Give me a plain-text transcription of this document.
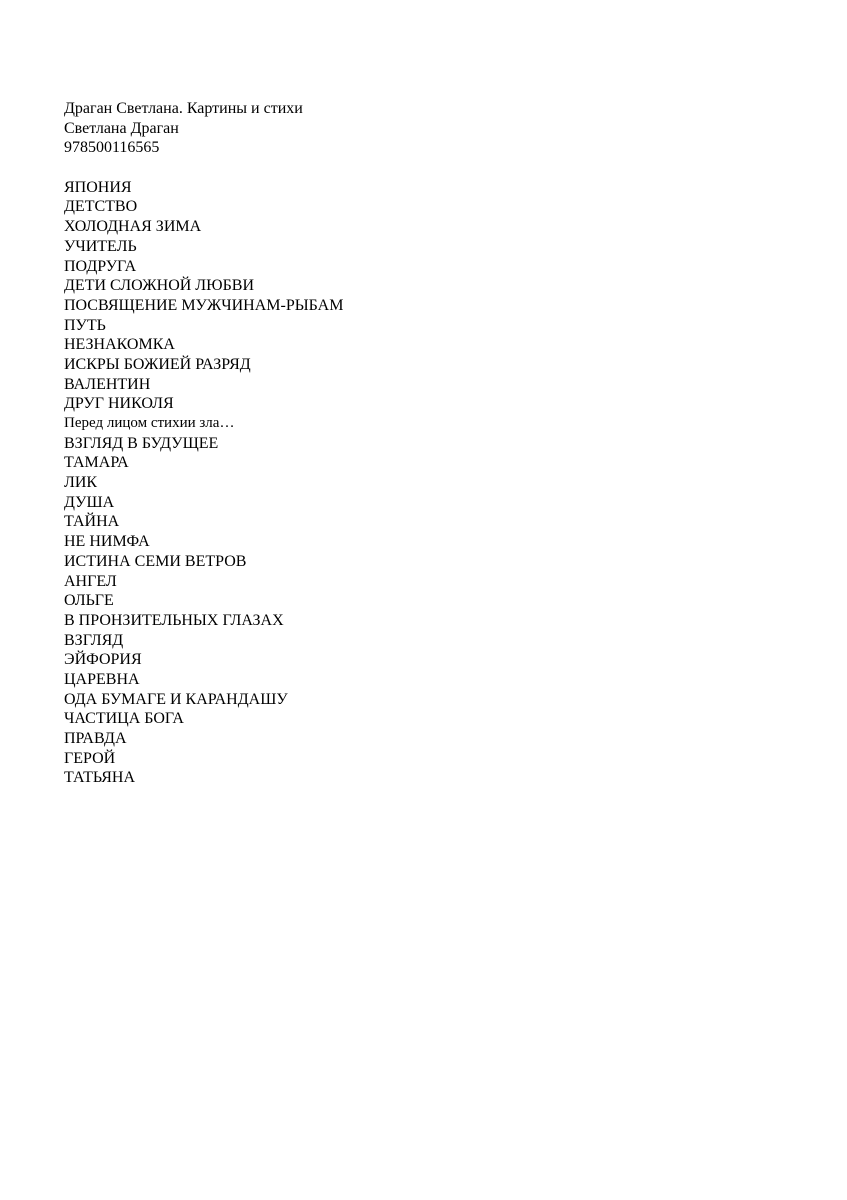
Драган Светлана. Картины и стихи
Светлана Драган
978500116565
ЯПОНИЯ
ДЕТСТВО
ХОЛОДНАЯ ЗИМА
УЧИТЕЛЬ
ПОДРУГА
ДЕТИ СЛОЖНОЙ ЛЮБВИ
ПОСВЯЩЕНИЕ МУЖЧИНАМ-РЫБАМ
ПУТЬ
НЕЗНАКОМКА
ИСКРЫ БОЖИЕЙ РАЗРЯД
ВАЛЕНТИН
ДРУГ НИКОЛЯ
Перед лицом стихии зла…
ВЗГЛЯД В БУДУЩЕЕ
ТАМАРА
ЛИК
ДУША
ТАЙНА
НЕ НИМФА
ИСТИНА СЕМИ ВЕТРОВ
АНГЕЛ
ОЛЬГЕ
В ПРОНЗИТЕЛЬНЫХ ГЛАЗАХ
ВЗГЛЯД
ЭЙФОРИЯ
ЦАРЕВНА
ОДА БУМАГЕ И КАРАНДАШУ
ЧАСТИЦА БОГА
ПРАВДА
ГЕРОЙ
ТАТЬЯНА
